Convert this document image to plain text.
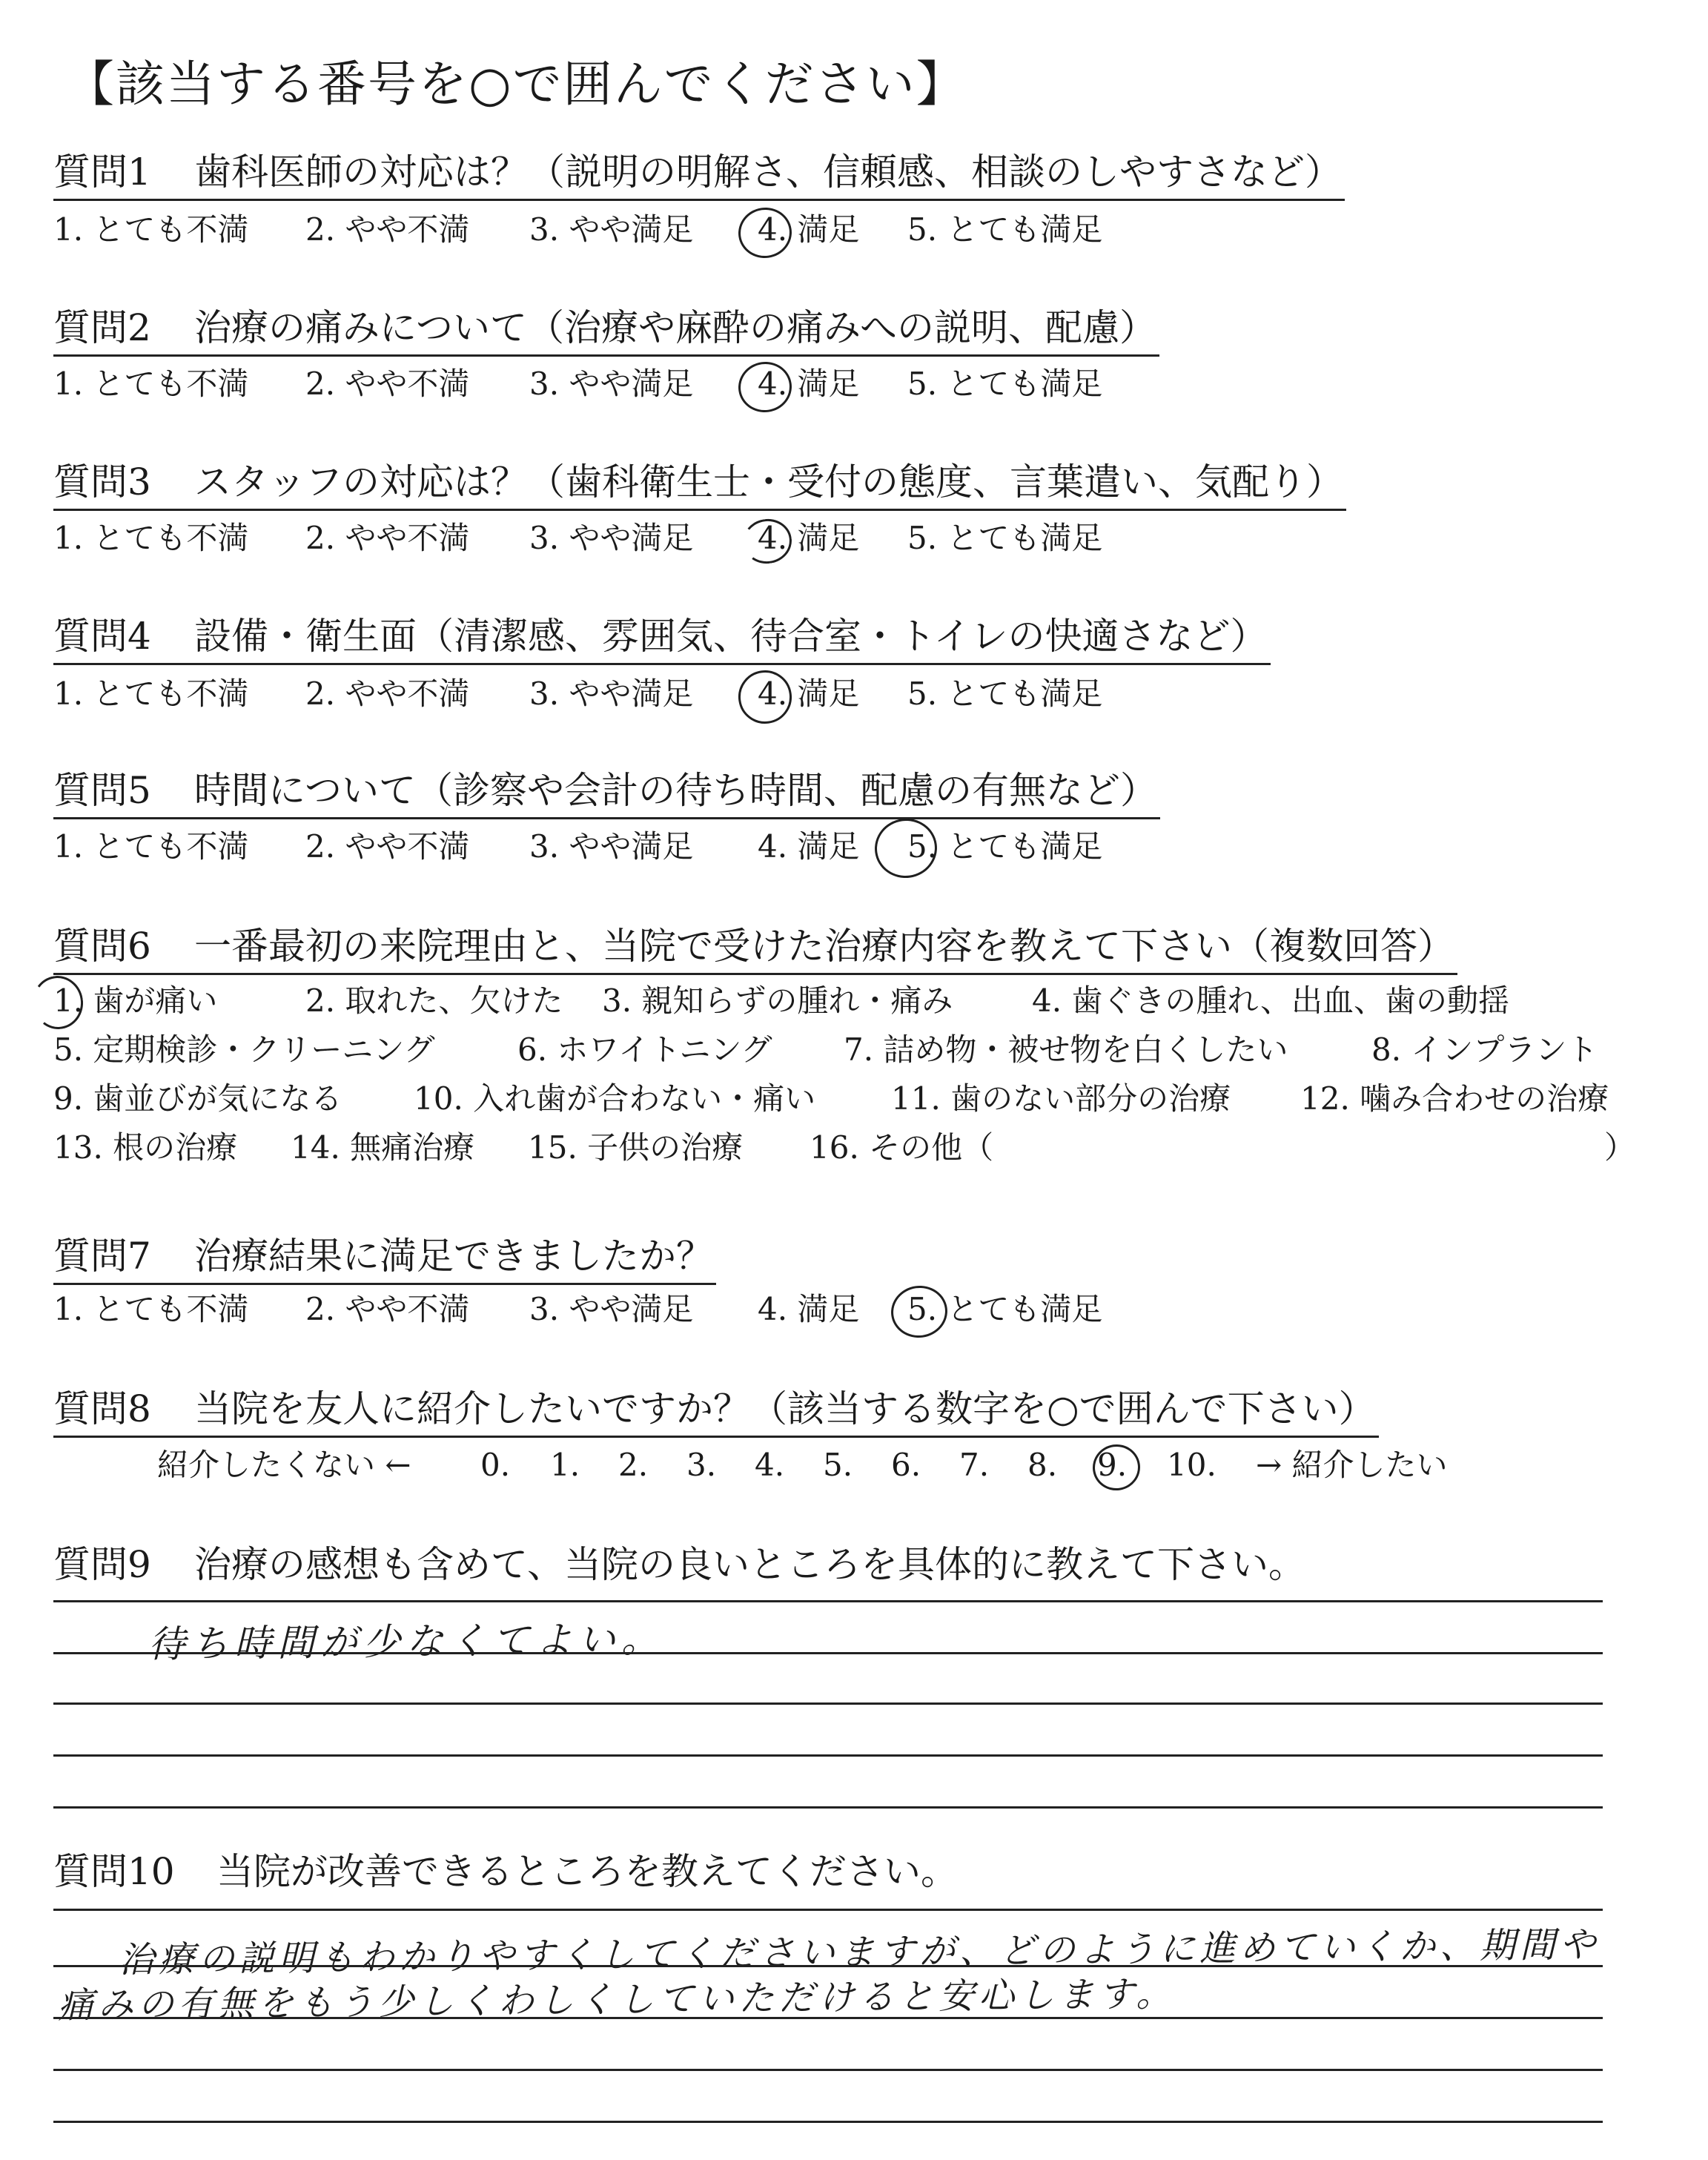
【該当する番号を○で囲んでください】
質問1 歯科医師の対応は？（説明の明解さ、信頼感、相談のしやすさなど）
1. とても不満 2. やや不満 3. やや満足 4. 満足 5. とても満足
質問2 治療の痛みについて（治療や麻酔の痛みへの説明、配慮）
1. とても不満 2. やや不満 3. やや満足 4. 満足 5. とても満足
質問3 スタッフの対応は？（歯科衛生士・受付の態度、言葉遣い、気配り）
1. とても不満 2. やや不満 3. やや満足 4. 満足 5. とても満足
質問4 設備・衛生面（清潔感、雰囲気、待合室・トイレの快適さなど）
1. とても不満 2. やや不満 3. やや満足 4. 満足 5. とても満足
質問5 時間について（診察や会計の待ち時間、配慮の有無など）
1. とても不満 2. やや不満 3. やや満足 4. 満足 5. とても満足
質問6 一番最初の来院理由と、当院で受けた治療内容を教えて下さい（複数回答）
1. 歯が痛い	2. 取れた、欠けた 3. 親知らずの腫れ・痛み	4. 歯ぐきの腫れ、出血、歯の動揺
5. 定期検診・クリーニング	6. ホワイトニング 7. 詰め物・被せ物を白くしたい	8. インプラント
9. 歯並びが気になる 10. 入れ歯が合わない・痛い 11. 歯のない部分の治療 12. 噛み合わせの治療
13. 根の治療 14. 無痛治療 15. 子供の治療 16. その他（	）
質問7 治療結果に満足できましたか？
1. とても不満 2. やや不満 3. やや満足 4. 満足 5. とても満足
質問8 当院を友人に紹介したいですか？（該当する数字を○で囲んで下さい）
紹介したくない ← 0. 1. 2. 3. 4. 5. 6. 7. 8. 9. 10. → 紹介したい
質問9 治療の感想も含めて、当院の良いところを具体的に教えて下さい。
待ち時間が少なくてよい。
質問10 当院が改善できるところを教えてください。
治療の説明もわかりやすくしてくださいますが、どのように進めていくか、期間や
痛みの有無をもう少しくわしくしていただけると安心します。
